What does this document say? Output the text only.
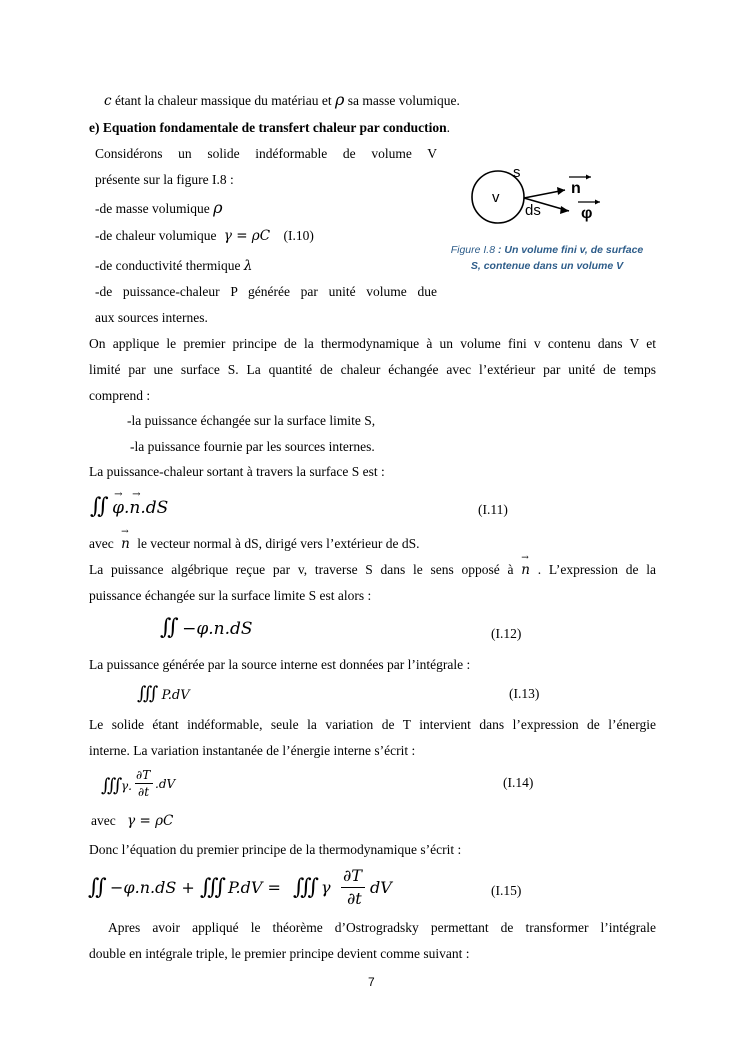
c étant la chaleur massique du matériau et ρ sa masse volumique.
e) Equation fondamentale de transfert chaleur par conduction.
Considérons un solide indéformable de volume V
présente sur la figure I.8 :
-de masse volumique ρ
-de chaleur volumique γ = ρC (I.10)
-de conductivité thermique λ
-de puissance-chaleur P générée par unité volume due
aux sources internes.
v
s
ds
n
φ
Figure I.8 : Un volume fini v, de surface S, contenue dans un volume V
On applique le premier principe de la thermodynamique à un volume fini v contenu dans V et
limité par une surface S. La quantité de chaleur échangée avec l’extérieur par unité de temps
comprend :
-la puissance échangée sur la surface limite S,
-la puissance fournie par les sources internes.
La puissance-chaleur sortant à travers la surface S est :
∬ φ.n.dS
→ →
(I.11)
avec n
→
le vecteur normal à dS, dirigé vers l’extérieur de dS.
La puissance algébrique reçue par v, traverse S dans le sens opposé à n
→
. L’expression de la
puissance échangée sur la surface limite S est alors :
∬ −φ.n.dS	(I.12)
La puissance générée par la source interne est données par l’intégrale :
∭ P.dV	(I.13)
Le solide étant indéformable, seule la variation de T intervient dans l’expression de l’énergie
interne. La variation instantanée de l’énergie interne s’écrit :
∭
γ.
∂T
∂t
.dV	(I.14)
avec γ = ρC
Donc l’équation du premier principe de la thermodynamique s’écrit :
∬ −φ.n.dS + ∭ P.dV = ∭ γ
∂T
∂t
dV	(I.15)
Apres avoir appliqué le théorème d’Ostrogradsky permettant de transformer l’intégrale
double en intégrale triple, le premier principe devient comme suivant :
7
